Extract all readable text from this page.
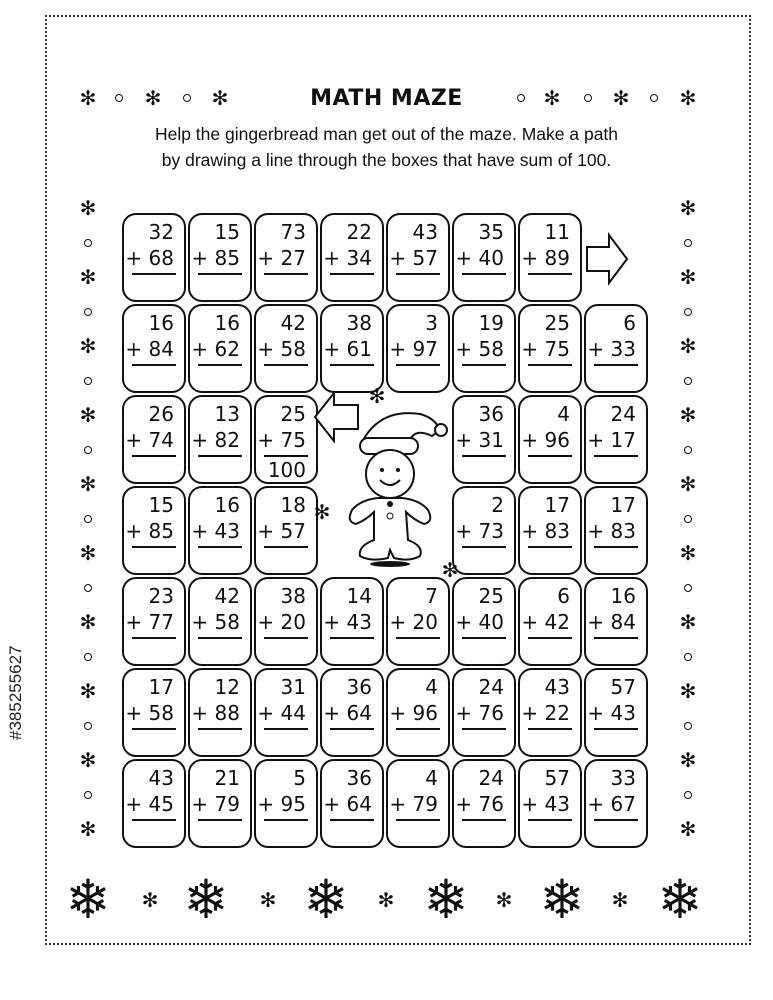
#385255627
MATH MAZE
Help the gingerbread man get out of the maze. Make a path
by drawing a line through the boxes that have sum of 100.
32
+ 68
15
+ 85
73
+ 27
22
+ 34
43
+ 57
35
+ 40
11
+ 89
16
+ 84
16
+ 62
42
+ 58
38
+ 61
3
+ 97
19
+ 58
25
+ 75
6
+ 33
26
+ 74
13
+ 82
25
+ 75
100
36
+ 31
4
+ 96
24
+ 17
15
+ 85
16
+ 43
18
+ 57
2
+ 73
17
+ 83
17
+ 83
23
+ 77
42
+ 58
38
+ 20
14
+ 43
7
+ 20
25
+ 40
6
+ 42
16
+ 84
17
+ 58
12
+ 88
31
+ 44
36
+ 64
4
+ 96
24
+ 76
43
+ 22
57
+ 43
43
+ 45
21
+ 79
5
+ 95
36
+ 64
4
+ 79
24
+ 76
57
+ 43
33
+ 67
✻ ✻	✻	✻	✻	✻
✻	✻
✻	✻
✻	✻
✻	✻
✻	✻
✻	✻
✻	✻
✻	✻
✻	✻
✻	✻
❄ ❄ ❄ ❄ ❄ ❄
✻	✻	✻	✻	✻
✻
✻
✻
